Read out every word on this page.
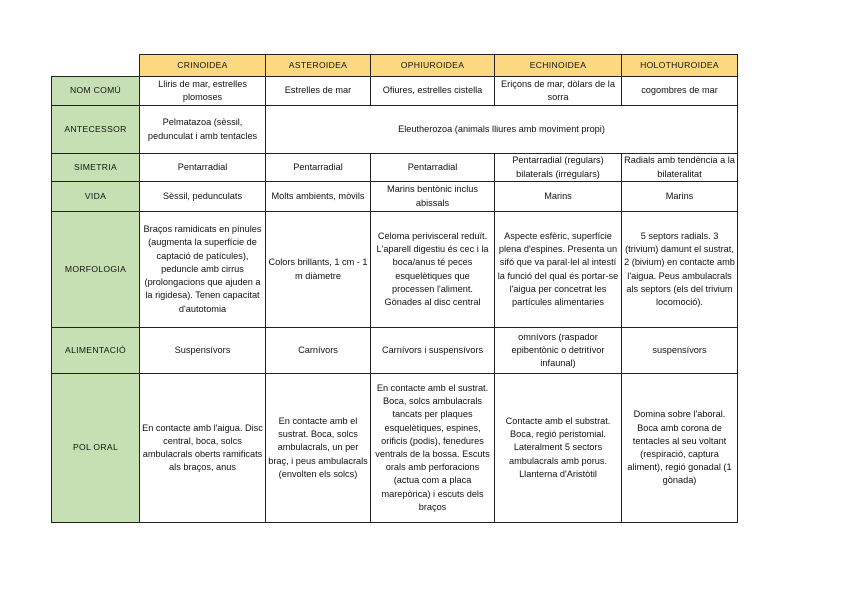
	CRINOIDEA	ASTEROIDEA	OPHIUROIDEA	ECHINOIDEA	HOLOTHUROIDEA
NOM COMÚ	Lliris de mar, estrelles plomoses	Estrelles de mar	Ofiures, estrelles cistella	Eriçons de mar, dòlars de la sorra	cogombres de mar
ANTECESSOR	Pelmatazoa (sèssil, pedunculat i amb tentacles	Eleutherozoa (animals lliures amb moviment propi)			
SIMETRIA	Pentarradial	Pentarradial	Pentarradial	Pentarradial (regulars) bilaterals (irregulars)	Radials amb tendència a la bilateralitat
VIDA	Sèssil, pedunculats	Molts ambients, mòvils	Marins bentònic inclus abissals	Marins	Marins
MORFOLOGIA	Braços ramidicats en pínules (augmenta la superfície de captació de patícules), peduncle amb cirrus (prolongacions que ajuden a la rigidesa). Tenen capacitat d'autotomia	Colors brillants, 1 cm - 1 m diàmetre	Celoma perivisceral reduït. L'aparell digestiu és cec i la boca/anus té peces esquelètiques que processen l'aliment. Gònades al disc central	Aspecte esfèric, superfície plena d'espines. Presenta un sifó que va paral·lel al intestí la funció del qual és portar-se l'aigua per concetrat les partícules alimentaries	5 septors radials. 3 (trivium) damunt el sustrat, 2 (bivium) en contacte amb l'aigua. Peus ambulacrals als septors (els del trivium locomoció).
ALIMENTACIÓ	Suspensívors	Carnívors	Carnívors i suspensívors	omnívors (raspador epibentònic o detritívor infaunal)	suspensívors
POL ORAL	En contacte amb l'aigua. Disc central, boca, solcs ambulacrals oberts ramificats als braços, anus	En contacte amb el sustrat. Boca, solcs ambulacrals, un per braç, i peus ambulacrals (envolten els solcs)	En contacte amb el sustrat. Boca, solcs ambulacrals tancats per plaques esquelètiques, espines, orificis (podis), fenedures ventrals de la bossa. Escuts orals amb perforacions (actua com a placa marepòrica) i escuts dels braços	Contacte amb el substrat. Boca, regió peristomial. Lateralment 5 sectors ambulacrals amb porus. Llanterna d'Aristòtil	Domina sobre l'aboral. Boca amb corona de tentacles al seu voltant (respiració, captura aliment), regió gonadal (1 gònada)
